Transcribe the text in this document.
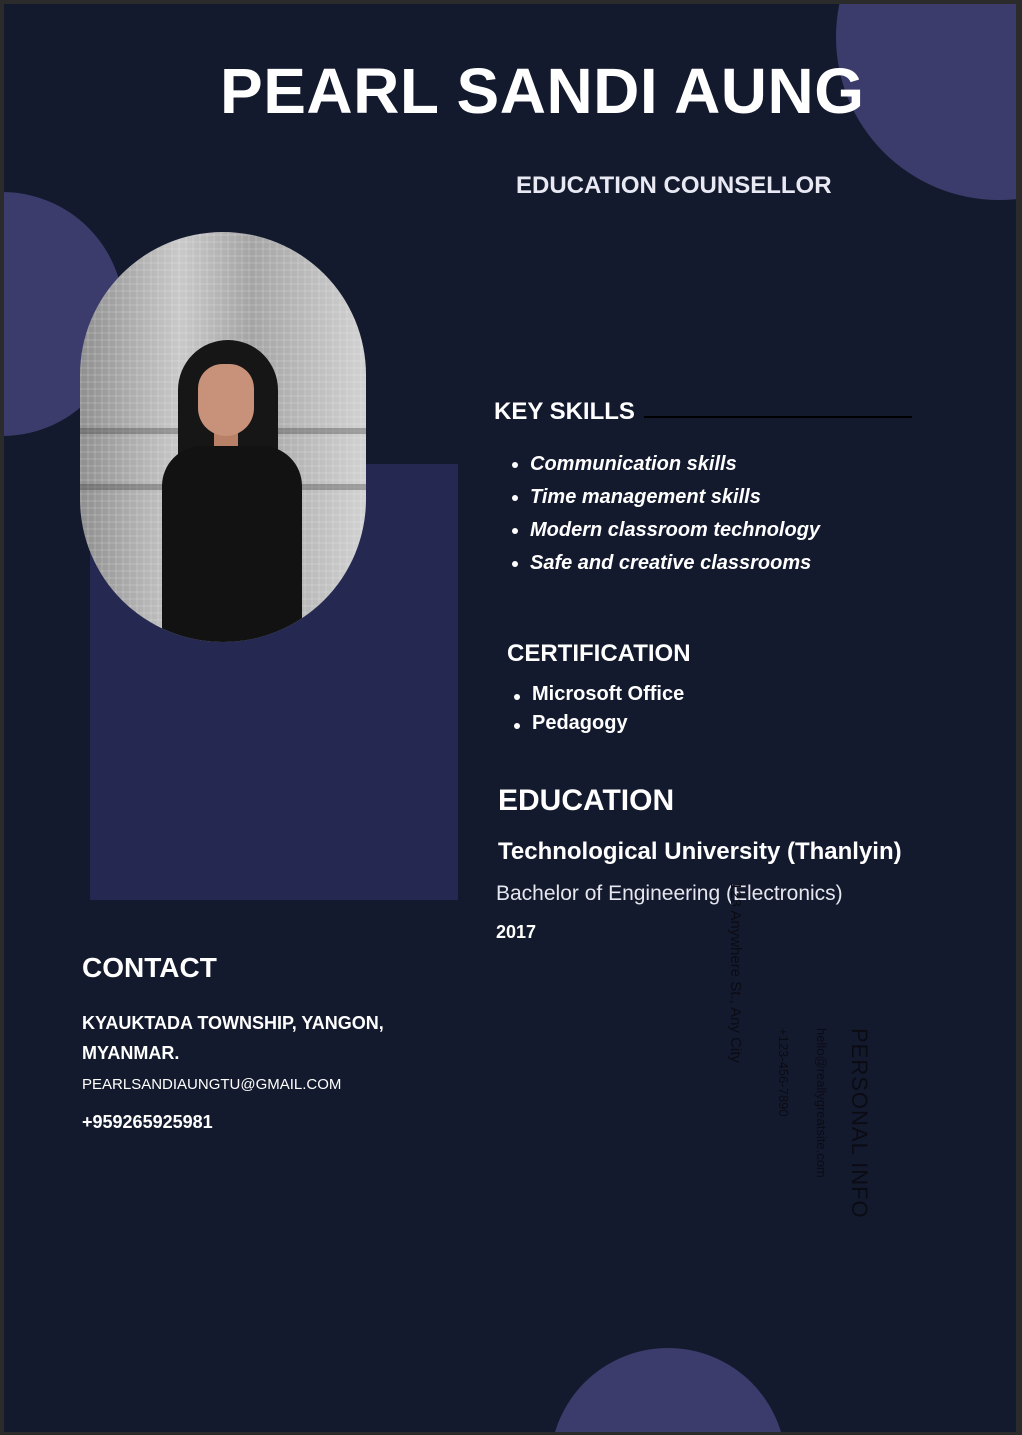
PEARL SANDI AUNG
EDUCATION COUNSELLOR
KEY SKILLS
Communication skills
Time management skills
Modern classroom technology
Safe and creative classrooms
CERTIFICATION
Microsoft Office
Pedagogy
EDUCATION
Technological University (Thanlyin)
Bachelor of Engineering (Electronics)
2017
CONTACT

KYAUKTADA TOWNSHIP, YANGON, MYANMAR.

PEARLSANDIAUNGTU@GMAIL.COM
+959265925981	PERSONAL INFO
hello@reallygreatsite.com
+123-456-7890
123 Anywhere St., Any City
